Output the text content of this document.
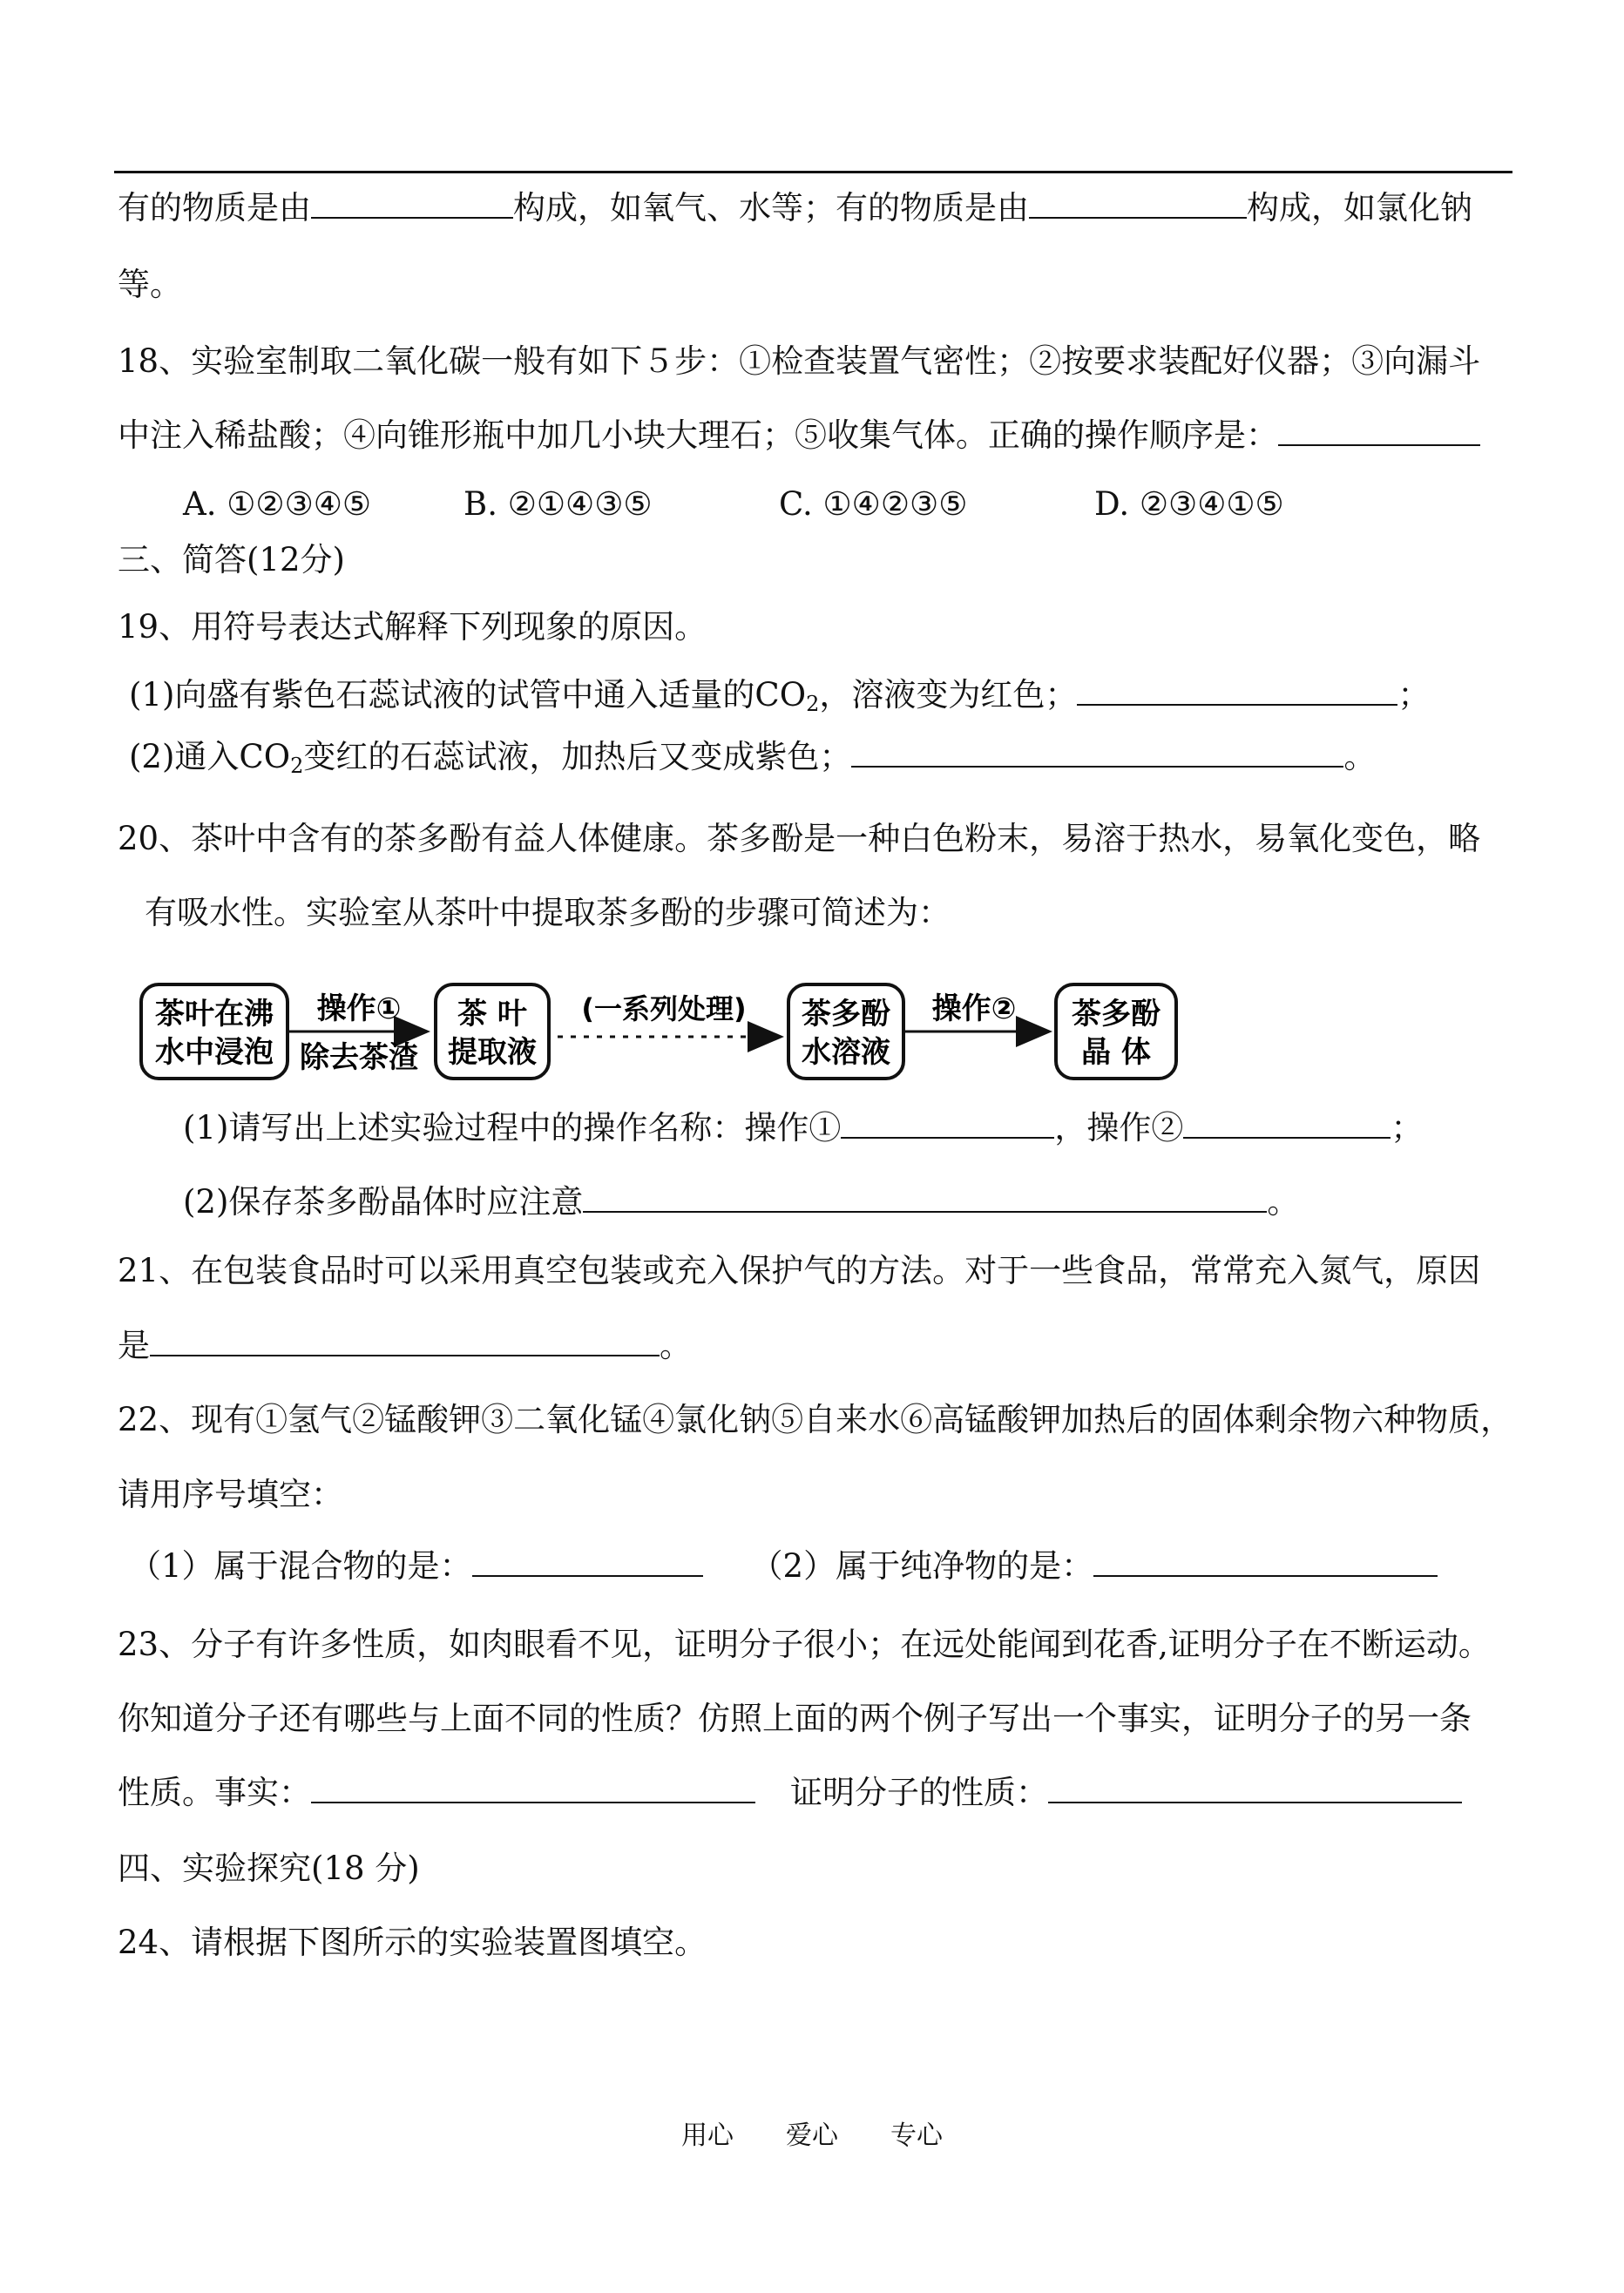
有的物质是由	构成，如氧气、水等；有的物质是由	构成，如氯化钠
等。
18、实验室制取二氧化碳一般有如下５步：①检查装置气密性；②按要求装配好仪器；③向漏斗
中注入稀盐酸；④向锥形瓶中加几小块大理石；⑤收集气体。正确的操作顺序是：
A. ①②③④⑤	B. ②①④③⑤	C. ①④②③⑤	D. ②③④①⑤
三、简答(12分)
19、用符号表达式解释下列现象的原因。
(1)向盛有紫色石蕊试液的试管中通入适量的$CO_2$，溶液变为红色；	；
(2)通入$CO_2$变红的石蕊试液，加热后又变成紫色；	。
20、茶叶中含有的茶多酚有益人体健康。茶多酚是一种白色粉末，易溶于热水，易氧化变色，略
有吸水性。实验室从茶叶中提取茶多酚的步骤可简述为：
茶叶在沸
水中浸泡
操作①
除去茶渣
茶 叶
提取液
(一系列处理) 茶多酚
水溶液
操作② 茶多酚
晶 体
(1)请写出上述实验过程中的操作名称：操作①	，操作②	；
(2)保存茶多酚晶体时应注意	。
21、在包装食品时可以采用真空包装或充入保护气的方法。对于一些食品，常常充入氮气，原因
是	。
22、现有①氢气②锰酸钾③二氧化锰④氯化钠⑤自来水⑥高锰酸钾加热后的固体剩余物六种物质，
请用序号填空：
（1）属于混合物的是：	（2）属于纯净物的是：
23、分子有许多性质，如肉眼看不见，证明分子很小；在远处能闻到花香,证明分子在不断运动。
你知道分子还有哪些与上面不同的性质？仿照上面的两个例子写出一个事实，证明分子的另一条
性质。事实：	证明分子的性质：
四、实验探究(18 分)
24、请根据下图所示的实验装置图填空。
用心 爱心 专心
